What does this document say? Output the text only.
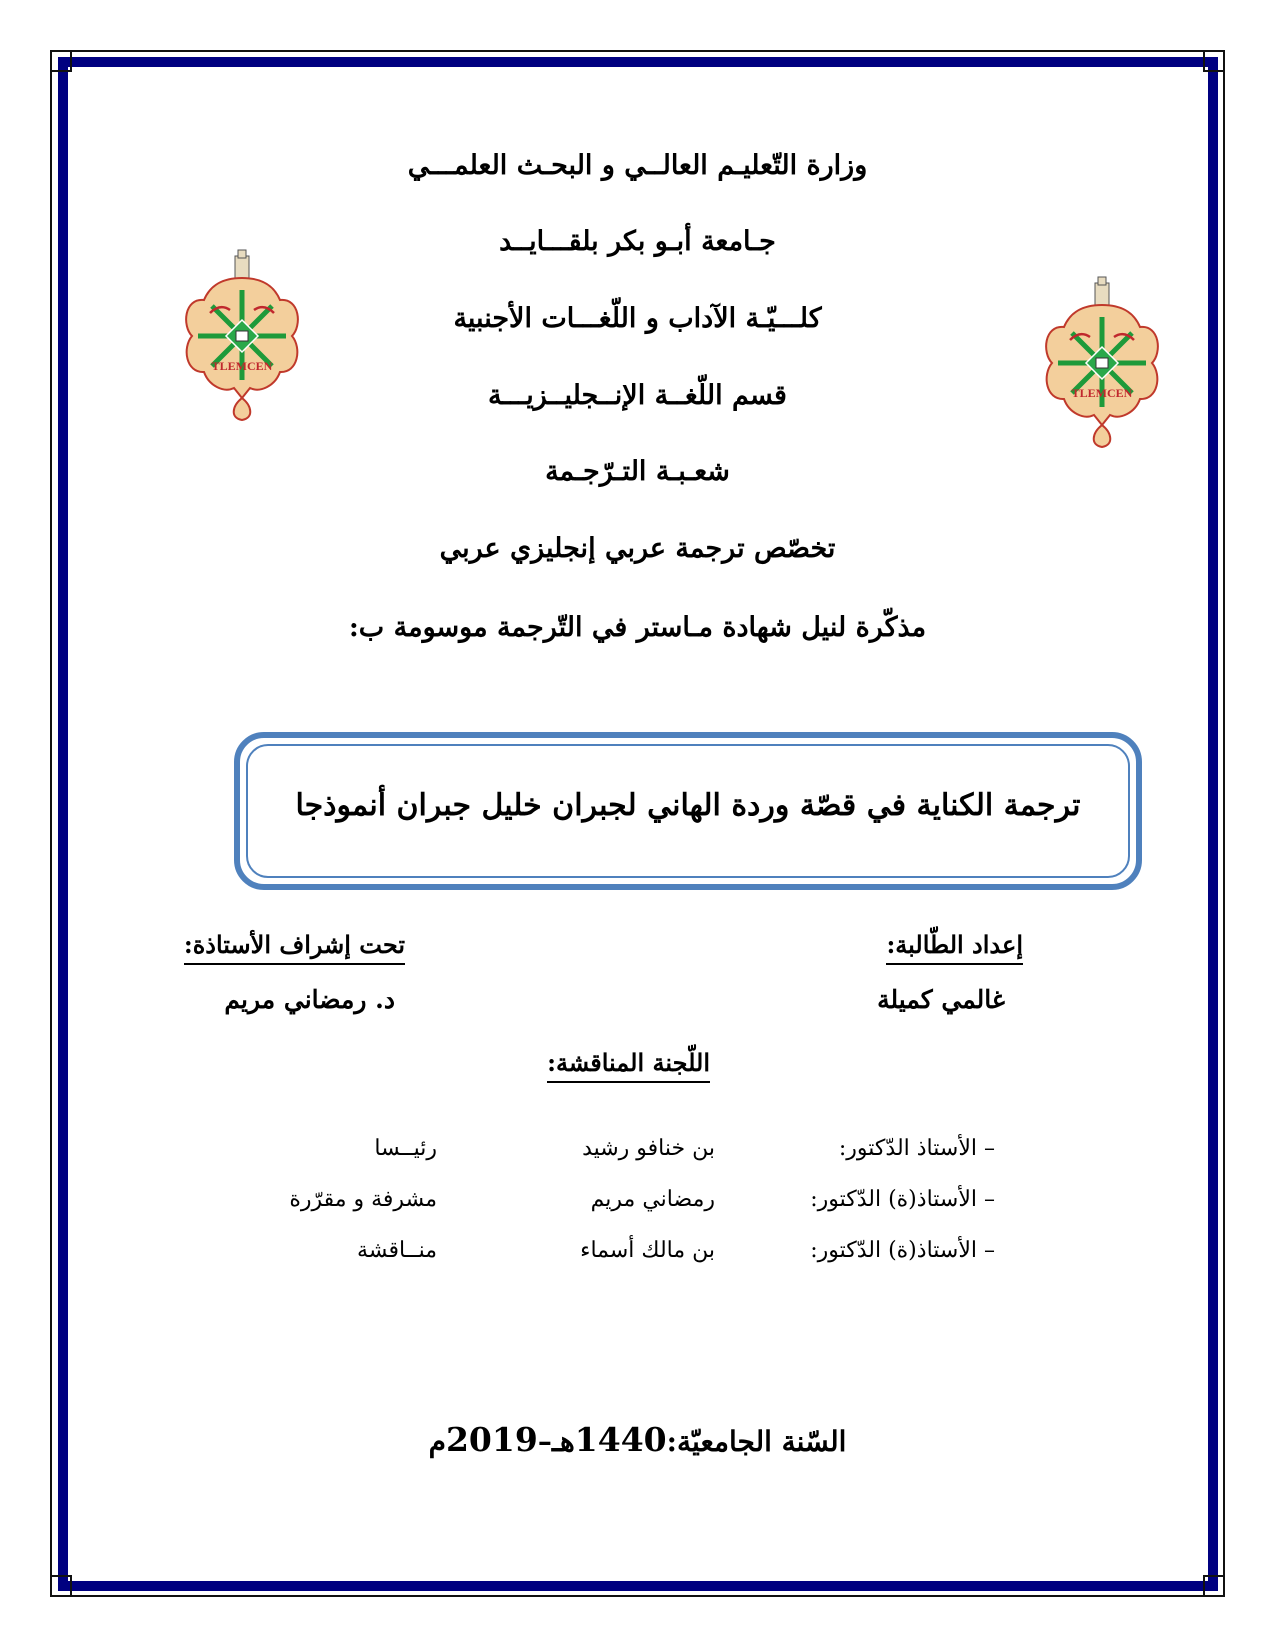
وزارة التّعليـم العالــي و البحـث العلمـــي
جـامعة أبـو بكر بلقـــايــد
كلـــيّـة الآداب و اللّغـــات الأجنبية
قسم اللّغــة الإنــجليــزيـــة
شعـبـة التـرّجـمة
تخصّص ترجمة عربي إنجليزي عربي
مذكّرة لنيل شهادة مـاستر في التّرجمة موسومة ب:
TLEMCEN
TLEMCEN
ترجمة الكناية في قصّة وردة الهاني لجبران خليل جبران أنموذجا
إعداد الطّالبة:
غالمي كميلة
تحت إشراف الأستاذة:
د. رمضاني مريم
اللّجنة المناقشة:
– الأستاذ الدّكتور:
بن خنافو رشيد
رئيــسا
– الأستاذ(ة) الدّكتور:
رمضاني مريم
مشرفة و مقرّرة
– الأستاذ(ة) الدّكتور:
بن مالك أسماء
منــاقشة
السّنة الجامعيّة:1440هـ–2019م
